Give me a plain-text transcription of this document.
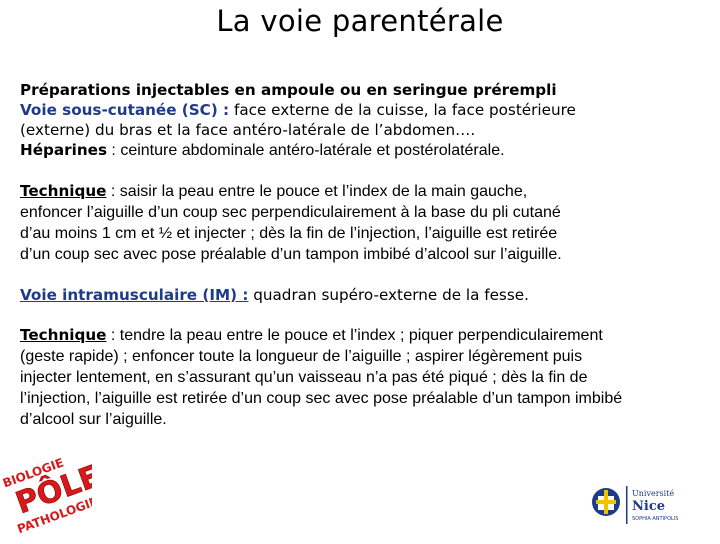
La voie parentérale

Préparations injectables en ampoule ou en seringue prérempli

Voie sous-cutanée (SC) : face externe de la cuisse, la face postérieure
(externe) du bras et la face antéro-latérale de l’abdomen….
Héparines : ceinture abdominale antéro-latérale et postérolatérale.

Technique : saisir la peau entre le pouce et l’index de la main gauche,
enfoncer l’aiguille d’un coup sec perpendiculairement à la base du pli cutané
d’au moins 1 cm et ½ et injecter ; dès la fin de l’injection, l’aiguille est retirée
d’un coup sec avec pose préalable d’un tampon imbibé d’alcool sur l’aiguille.

Voie intramusculaire (IM) : quadran supéro-externe de la fesse.

Technique : tendre la peau entre le pouce et l’index ; piquer perpendiculairement
(geste rapide) ; enfoncer toute la longueur de l’aiguille ; aspirer légèrement puis
injecter lentement, en s’assurant qu’un vaisseau n’a pas été piqué ; dès la fin de
l’injection, l’aiguille est retirée d’un coup sec avec pose préalable d’un tampon imbibé
d’alcool sur l’aiguille.

BIOLOGIE
PÔLE
PATHOLOGIE
Université
Nice
SOPHIA ANTIPOLIS
